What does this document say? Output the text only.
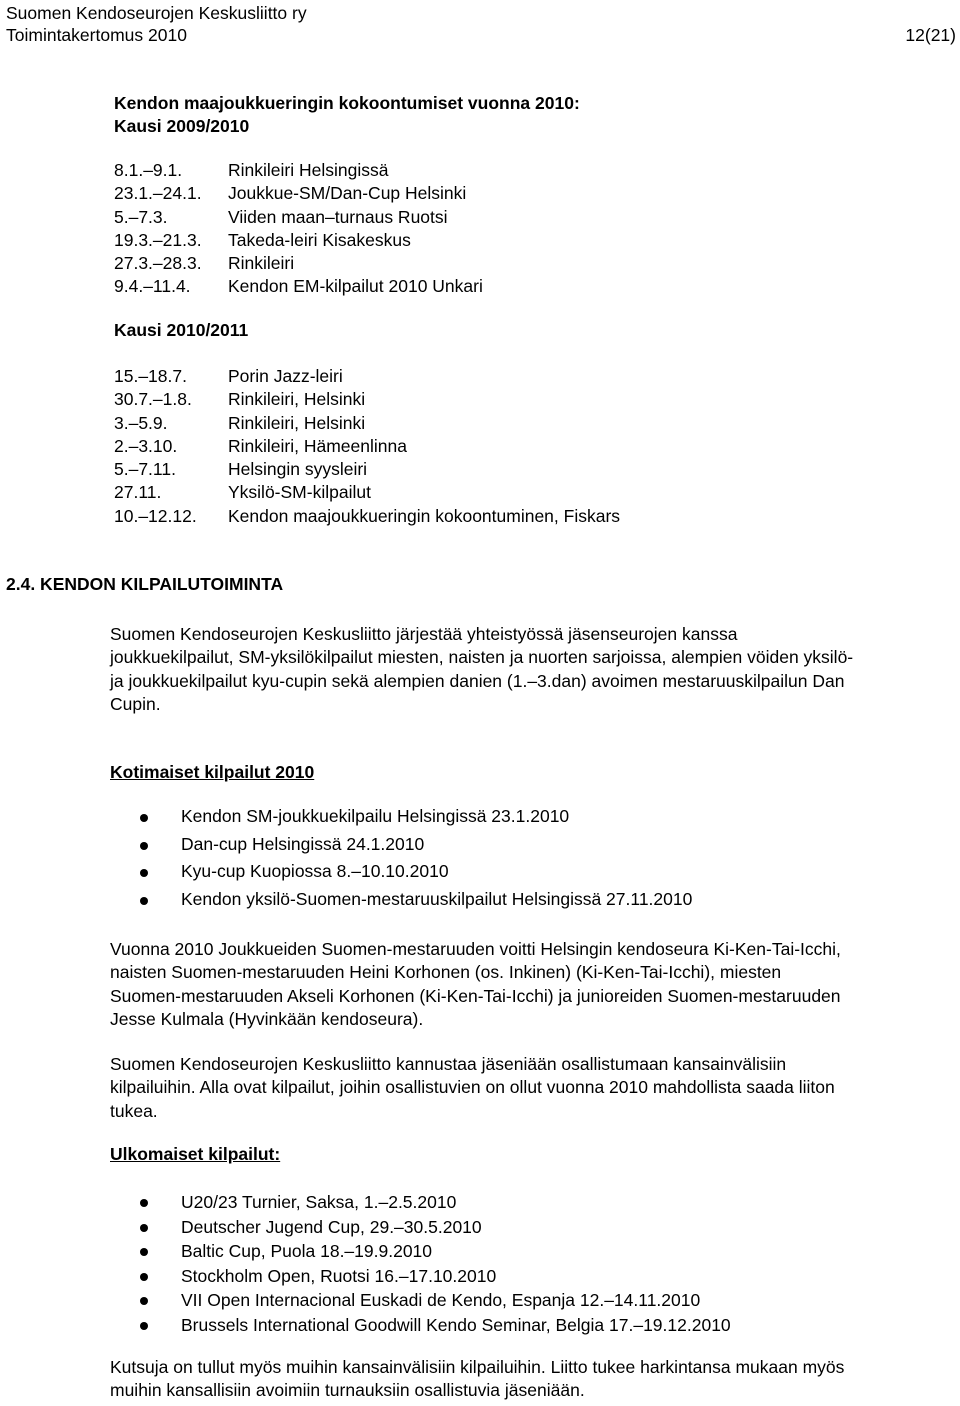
Suomen Kendoseurojen Keskusliitto ry
Toimintakertomus 2010	12(21)
Kendon maajoukkueringin kokoontumiset vuonna 2010:
Kausi 2009/2010
8.1.–9.1.	Rinkileiri Helsingissä
23.1.–24.1. Joukkue-SM/Dan-Cup Helsinki
5.–7.3.	Viiden maan–turnaus Ruotsi
19.3.–21.3. Takeda-leiri Kisakeskus
27.3.–28.3. Rinkileiri
9.4.–11.4. Kendon EM-kilpailut 2010 Unkari
Kausi 2010/2011
15.–18.7. Porin Jazz-leiri
30.7.–1.8. Rinkileiri, Helsinki
3.–5.9.	Rinkileiri, Helsinki
2.–3.10.	Rinkileiri, Hämeenlinna
5.–7.11.	Helsingin syysleiri
27.11.	Yksilö-SM-kilpailut
10.–12.12. Kendon maajoukkueringin kokoontuminen, Fiskars
2.4. KENDON KILPAILUTOIMINTA
Suomen Kendoseurojen Keskusliitto järjestää yhteistyössä jäsenseurojen kanssa
joukkuekilpailut, SM-yksilökilpailut miesten, naisten ja nuorten sarjoissa, alempien vöiden yksilö-
ja joukkuekilpailut kyu-cupin sekä alempien danien (1.–3.dan) avoimen mestaruuskilpailun Dan
Cupin.
Kotimaiset kilpailut 2010
Kendon SM-joukkuekilpailu Helsingissä 23.1.2010
Dan-cup Helsingissä 24.1.2010
Kyu-cup Kuopiossa 8.–10.10.2010
Kendon yksilö-Suomen-mestaruuskilpailut Helsingissä 27.11.2010
Vuonna 2010 Joukkueiden Suomen-mestaruuden voitti Helsingin kendoseura Ki-Ken-Tai-Icchi,
naisten Suomen-mestaruuden Heini Korhonen (os. Inkinen) (Ki-Ken-Tai-Icchi), miesten
Suomen-mestaruuden Akseli Korhonen (Ki-Ken-Tai-Icchi) ja junioreiden Suomen-mestaruuden
Jesse Kulmala (Hyvinkään kendoseura).
Suomen Kendoseurojen Keskusliitto kannustaa jäseniään osallistumaan kansainvälisiin
kilpailuihin. Alla ovat kilpailut, joihin osallistuvien on ollut vuonna 2010 mahdollista saada liiton
tukea.
Ulkomaiset kilpailut:
U20/23 Turnier, Saksa, 1.–2.5.2010
Deutscher Jugend Cup, 29.–30.5.2010
Baltic Cup, Puola 18.–19.9.2010
Stockholm Open, Ruotsi 16.–17.10.2010
VII Open Internacional Euskadi de Kendo, Espanja 12.–14.11.2010
Brussels International Goodwill Kendo Seminar, Belgia 17.–19.12.2010
Kutsuja on tullut myös muihin kansainvälisiin kilpailuihin. Liitto tukee harkintansa mukaan myös
muihin kansallisiin avoimiin turnauksiin osallistuvia jäseniään.
